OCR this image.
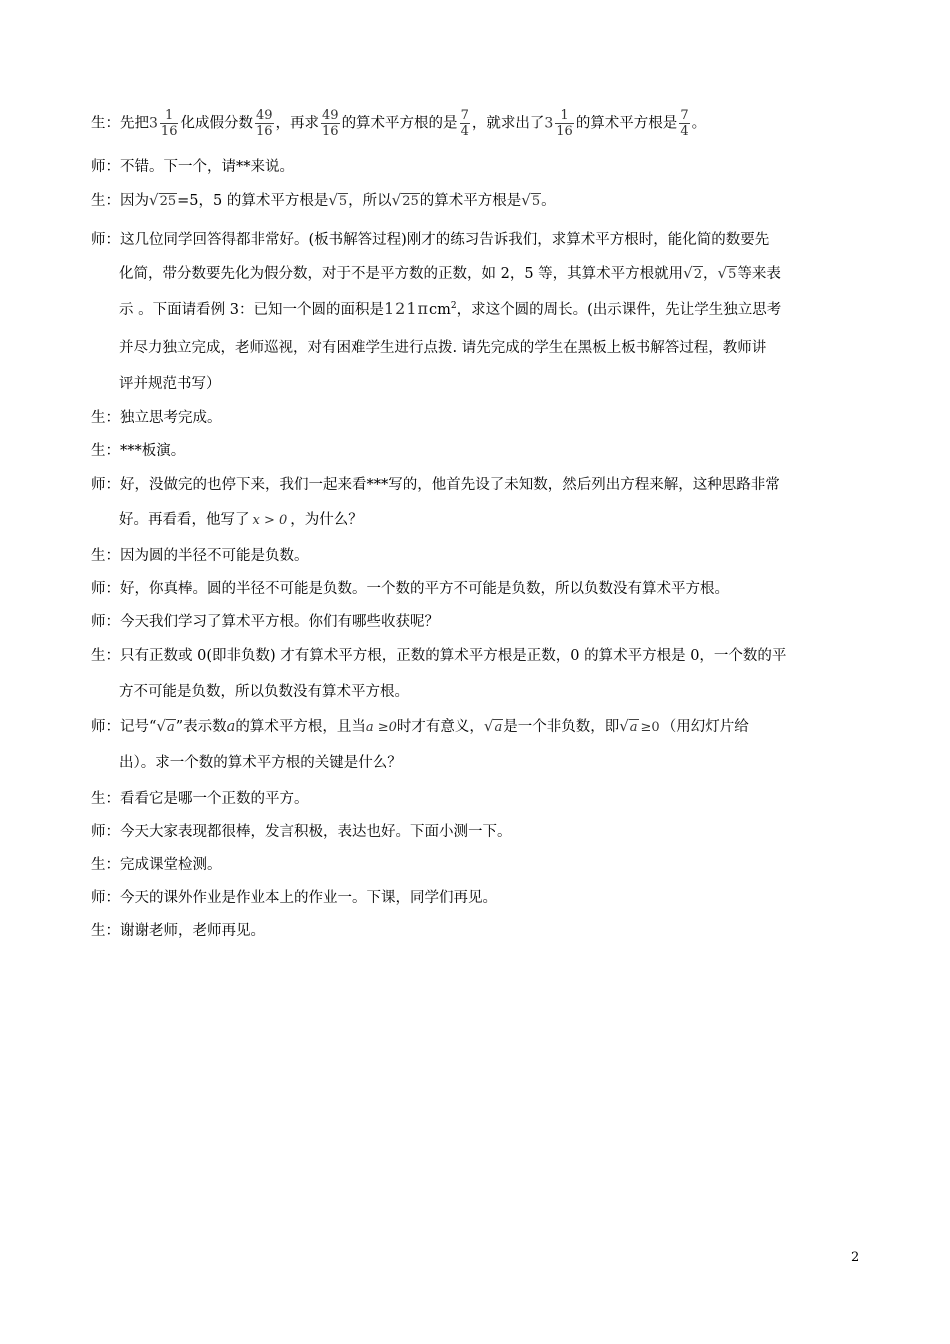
生：先把$3 \frac{1}{16}$ 化成假分数 $\frac{49}{16}$ ，再求 $\frac{49}{16}$ 的算术平方根的是 $\frac{7}{4}$ ，就求出了$3 \frac{1}{16}$ 的算术平方根是 $\frac{7}{4}$ 。
师：不错。下一个，请**来说。
生：因为√25=5，5 的算术平方根是√5，所以√25的算术平方根是√5。
师：这几位同学回答得都非常好。(板书解答过程)刚才的练习告诉我们，求算术平方根时，能化简的数要先
化简，带分数要先化为假分数，对于不是平方数的正数，如 2，5 等，其算术平方根就用√2，√5等来表
示 。下面请看例 3：已知一个圆的面积是121πcm$^2$，求这个圆的周长。(出示课件，先让学生独立思考
并尽力独立完成，老师巡视，对有困难学生进行点拨. 请先完成的学生在黑板上板书解答过程，教师讲
评并规范书写）
生：独立思考完成。
生：***板演。
师：好，没做完的也停下来，我们一起来看***写的，他首先设了未知数，然后列出方程来解，这种思路非常
好。再看看，他写了 x > 0 ，为什么？
生：因为圆的半径不可能是负数。
师：好，你真棒。圆的半径不可能是负数。一个数的平方不可能是负数，所以负数没有算术平方根。
师：今天我们学习了算术平方根。你们有哪些收获呢？
生：只有正数或 0(即非负数) 才有算术平方根，正数的算术平方根是正数，0 的算术平方根是 0，一个数的平
方不可能是负数，所以负数没有算术平方根。
师：记号“√a”表示数a的算术平方根，且当a ≥0时才有意义，√a是一个非负数，即√a ≥0 （用幻灯片给
出）。求一个数的算术平方根的关键是什么？
生：看看它是哪一个正数的平方。
师：今天大家表现都很棒，发言积极，表达也好。下面小测一下。
生：完成课堂检测。
师：今天的课外作业是作业本上的作业一。下课，同学们再见。
生：谢谢老师，老师再见。
2
